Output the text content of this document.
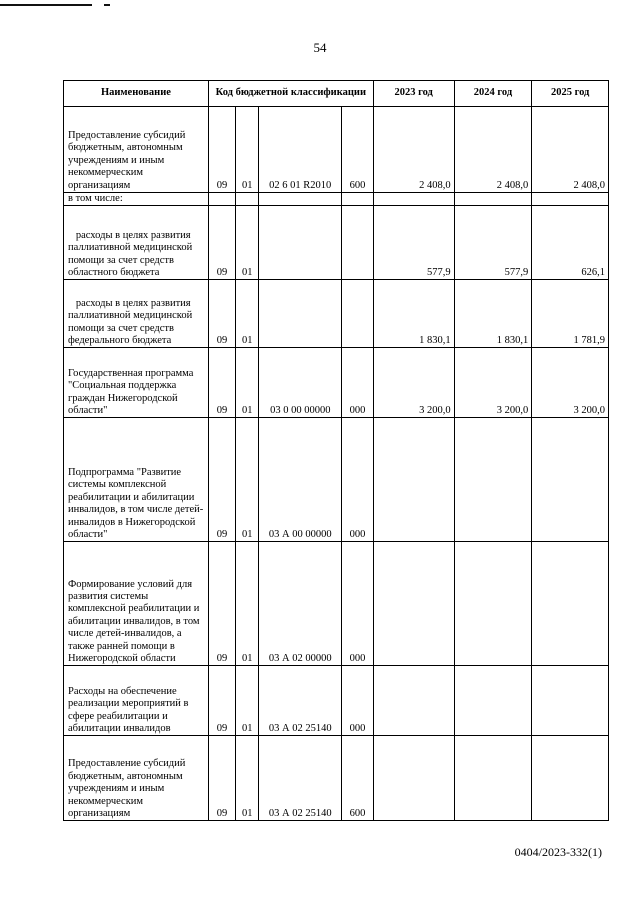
54
Наименование	Код бюджетной классификации				2023 год	2024 год	2025 год
Предоставление субсидий бюджетным, автономным учреждениям и иным некоммерческим организациям	09	01	02 6 01 R2010	600	2 408,0	2 408,0	2 408,0
в том числе:							
расходы в целях развития паллиативной медицинской помощи за счет средств областного бюджета	09	01			577,9	577,9	626,1
расходы в целях развития паллиативной медицинской помощи за счет средств федерального бюджета	09	01			1 830,1	1 830,1	1 781,9
Государственная программа "Социальная поддержка граждан Нижегородской области"	09	01	03 0 00 00000	000	3 200,0	3 200,0	3 200,0
Подпрограмма "Развитие системы комплексной реабилитации и абилитации инвалидов, в том числе детей-инвалидов в Нижегородской области"	09	01	03 А 00 00000	000			
Формирование условий для развития системы комплексной реабилитации и абилитации инвалидов, в том числе детей-инвалидов, а также ранней помощи в Нижегородской области	09	01	03 А 02 00000	000			
Расходы на обеспечение реализации мероприятий в сфере реабилитации и абилитации инвалидов	09	01	03 А 02 25140	000			
Предоставление субсидий бюджетным, автономным учреждениям и иным некоммерческим организациям	09	01	03 А 02 25140	600			
0404/2023-332(1)
